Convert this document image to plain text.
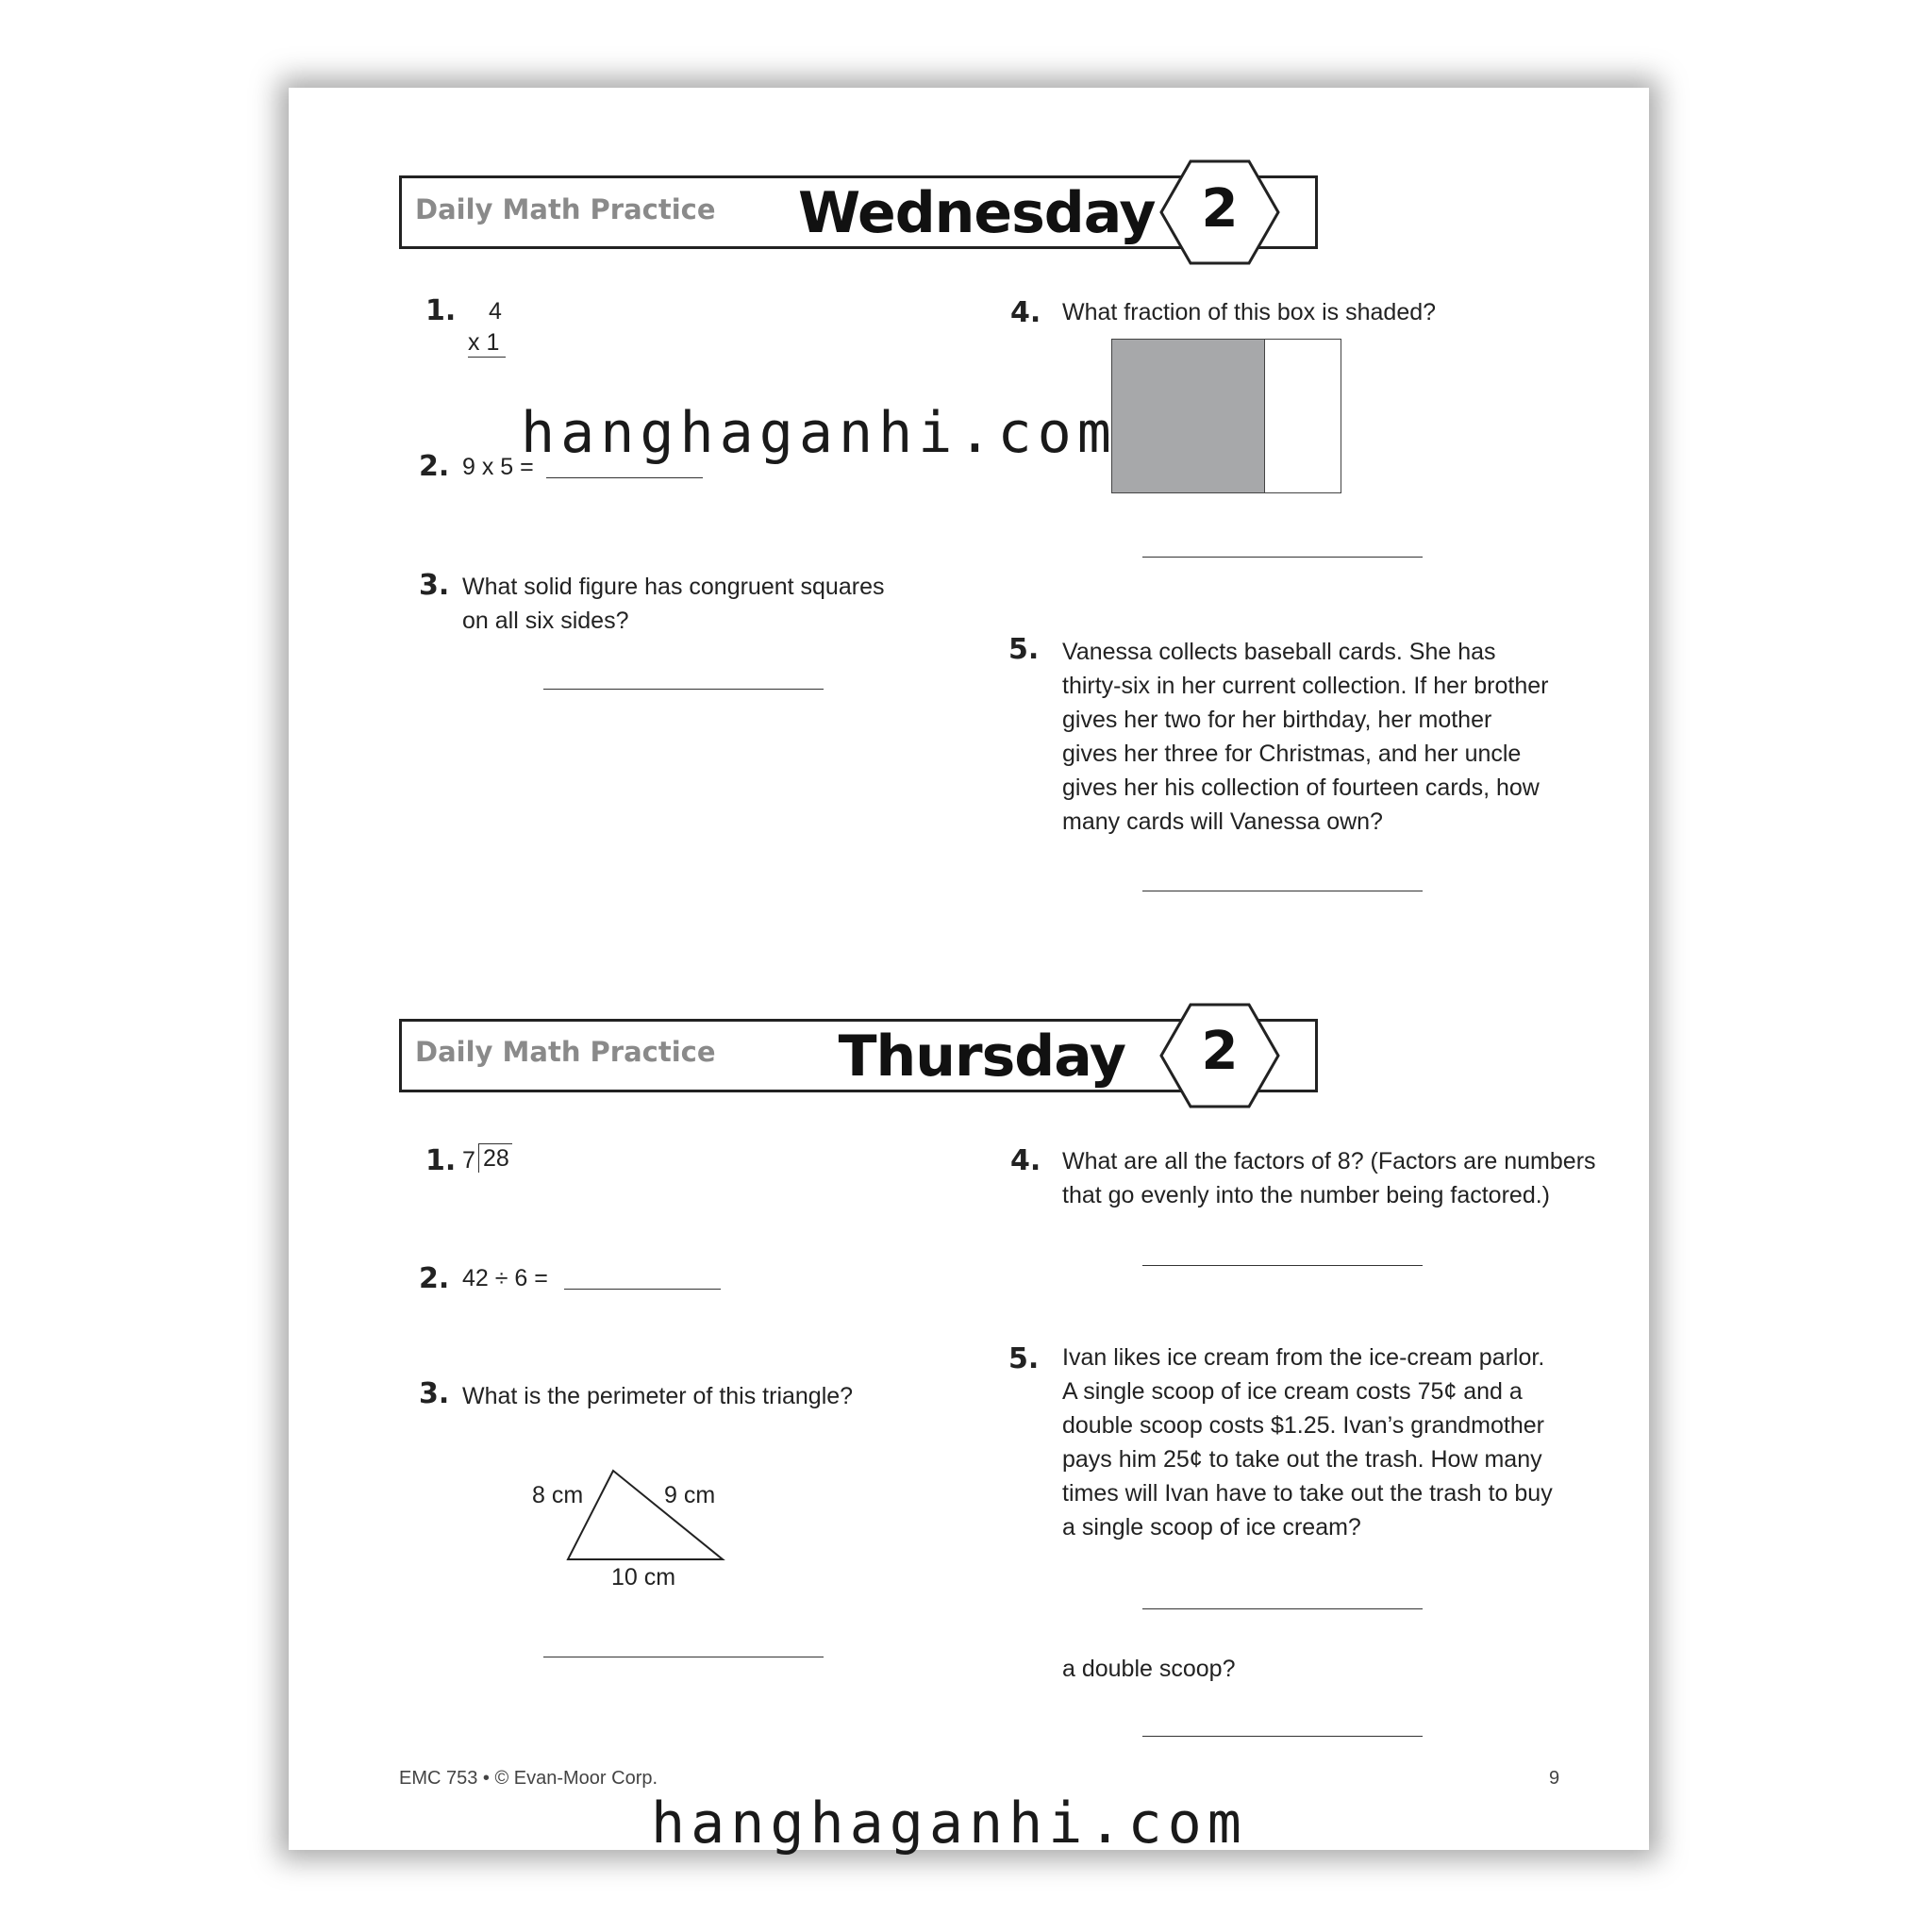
Daily Math Practice Wednesday 2
1. 4
x 1
2. 9 x 5 =
3. What solid figure has congruent squares
on all six sides?
4. What fraction of this box is shaded?
5. Vanessa collects baseball cards. She has
thirty-six in her current collection. If her brother
gives her two for her birthday, her mother
gives her three for Christmas, and her uncle
gives her his collection of fourteen cards, how
many cards will Vanessa own?
Daily Math Practice	Thursday	2
1. 7 28
2. 42 ÷ 6 =
3. What is the perimeter of this triangle?
8 cm	9 cm
10 cm
4. What are all the factors of 8? (Factors are numbers
that go evenly into the number being factored.)
5. Ivan likes ice cream from the ice-cream parlor.
A single scoop of ice cream costs 75¢ and a
double scoop costs $1.25. Ivan’s grandmother
pays him 25¢ to take out the trash. How many
times will Ivan have to take out the trash to buy
a single scoop of ice cream?
a double scoop?
EMC 753 • © Evan-Moor Corp.	9
hanghaganhi.com
hanghaganhi.com
